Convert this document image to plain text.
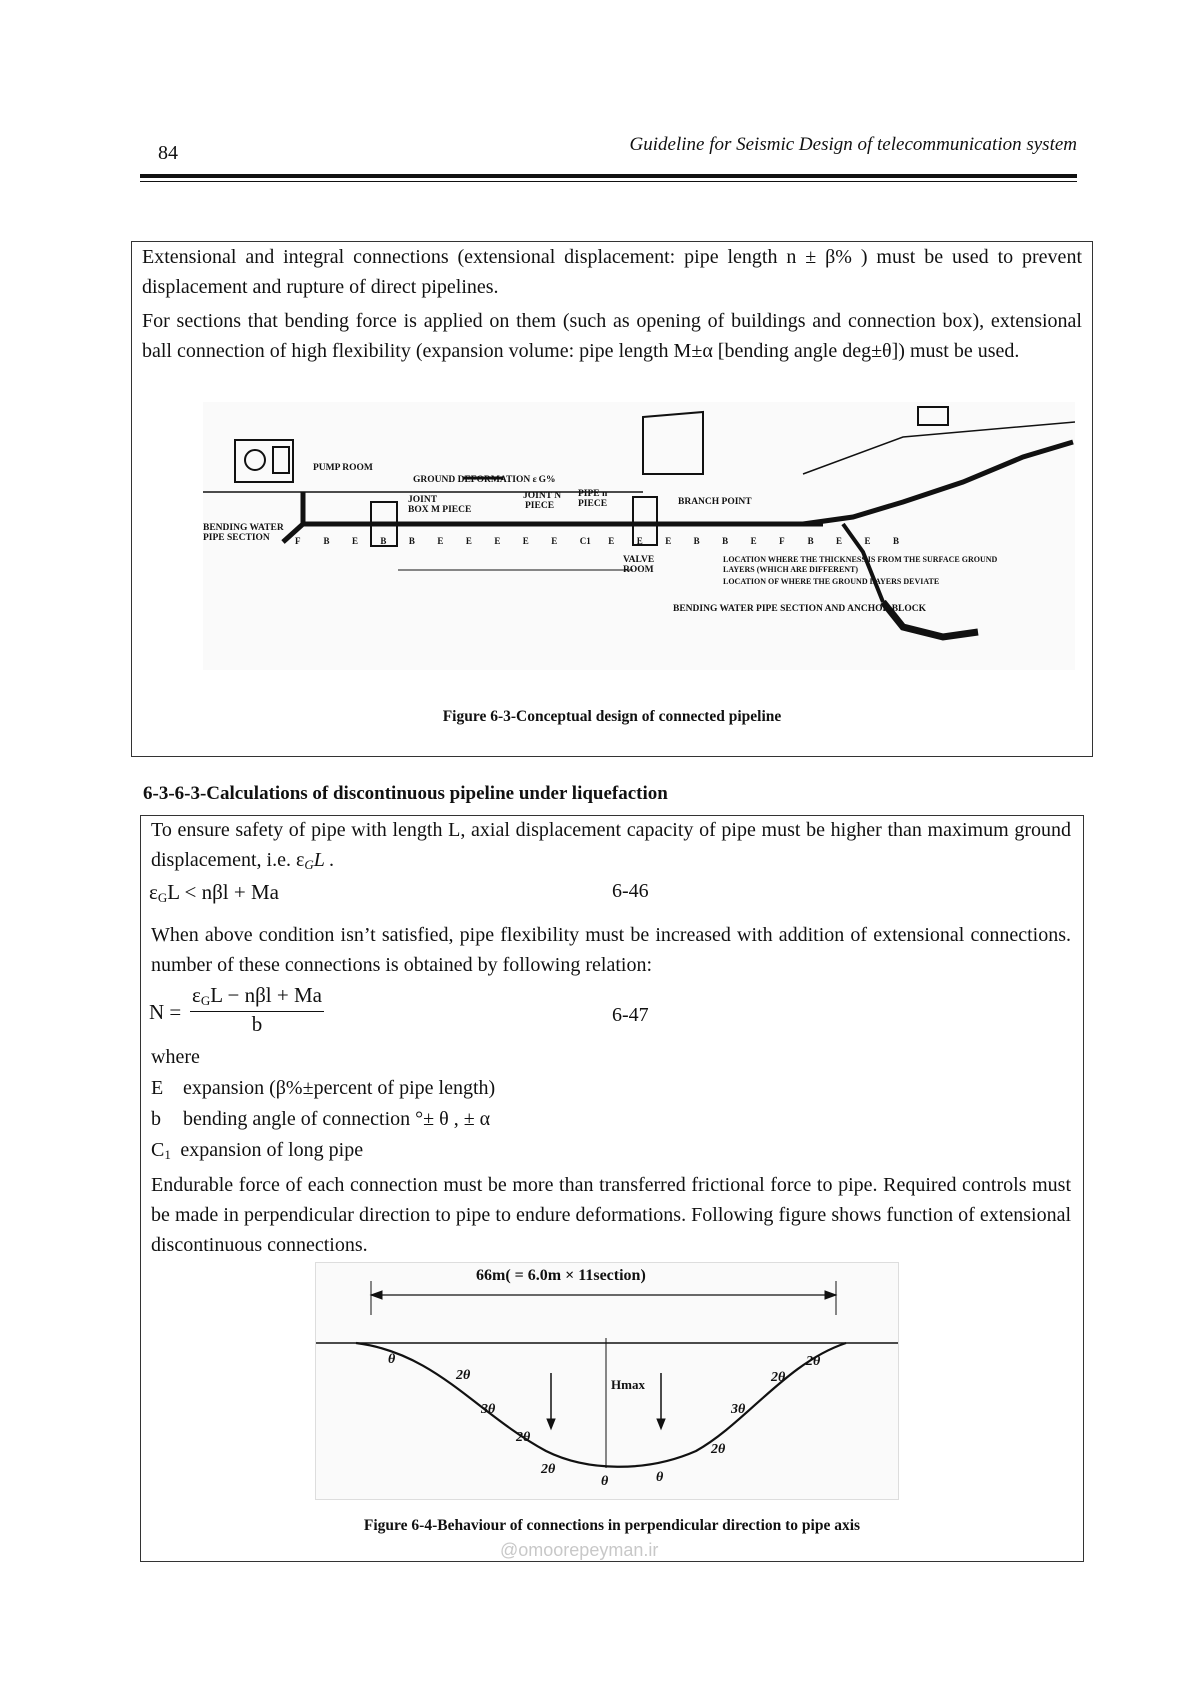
84	Guideline for Seismic Design of telecommunication system
Extensional and integral connections (extensional displacement: pipe length n ± β% ) must be used to prevent displacement and rupture of direct pipelines.
For sections that bending force is applied on them (such as opening of buildings and connection box), extensional ball connection of high flexibility (expansion volume: pipe length M±α [bending angle deg±θ]) must be used.
PUMP ROOM
GROUND DEFORMATION ε G%
JOINT
BOX M PIECE
JOINT N
PIECE
PIPE n
PIECE	BRANCH POINT
BENDING WATER
PIPE SECTION
VALVE
ROOM
LOCATION WHERE THE THICKNESS IS FROM THE SURFACE GROUND
LAYERS (WHICH ARE DIFFERENT)
LOCATION OF WHERE THE GROUND LAYERS DEVIATE
BENDING WATER PIPE SECTION AND ANCHOR BLOCK
F	B E B B E E E E E C1 E E E B B E F	B E E B
Figure 6-3-Conceptual design of connected pipeline
6-3-6-3-Calculations of discontinuous pipeline under liquefaction
To ensure safety of pipe with length L, axial displacement capacity of pipe must be higher than maximum ground displacement, i.e. $\varepsilon_GL$ .
$\varepsilon_GL < n\beta l + Ma$	6-46
When above condition isn’t satisfied, pipe flexibility must be increased with addition of extensional connections. number of these connections is obtained by following relation:
N =
$\varepsilon_GL - n\beta l + Ma$
b	6-47
where
E expansion (β%±percent of pipe length)
b bending angle of connection °± θ , ± α
C1 expansion of long pipe
Endurable force of each connection must be more than transferred frictional force to pipe. Required controls must be made in perpendicular direction to pipe to endure deformations. Following figure shows function of extensional discontinuous connections.
66m( = 6.0m × 11section)
Hmax
θ
2θ
3θ
2θ
2θ
θ	θ
2θ
3θ
2θ
2θ
Figure 6-4-Behaviour of connections in perpendicular direction to pipe axis
@omoorepeyman.ir
